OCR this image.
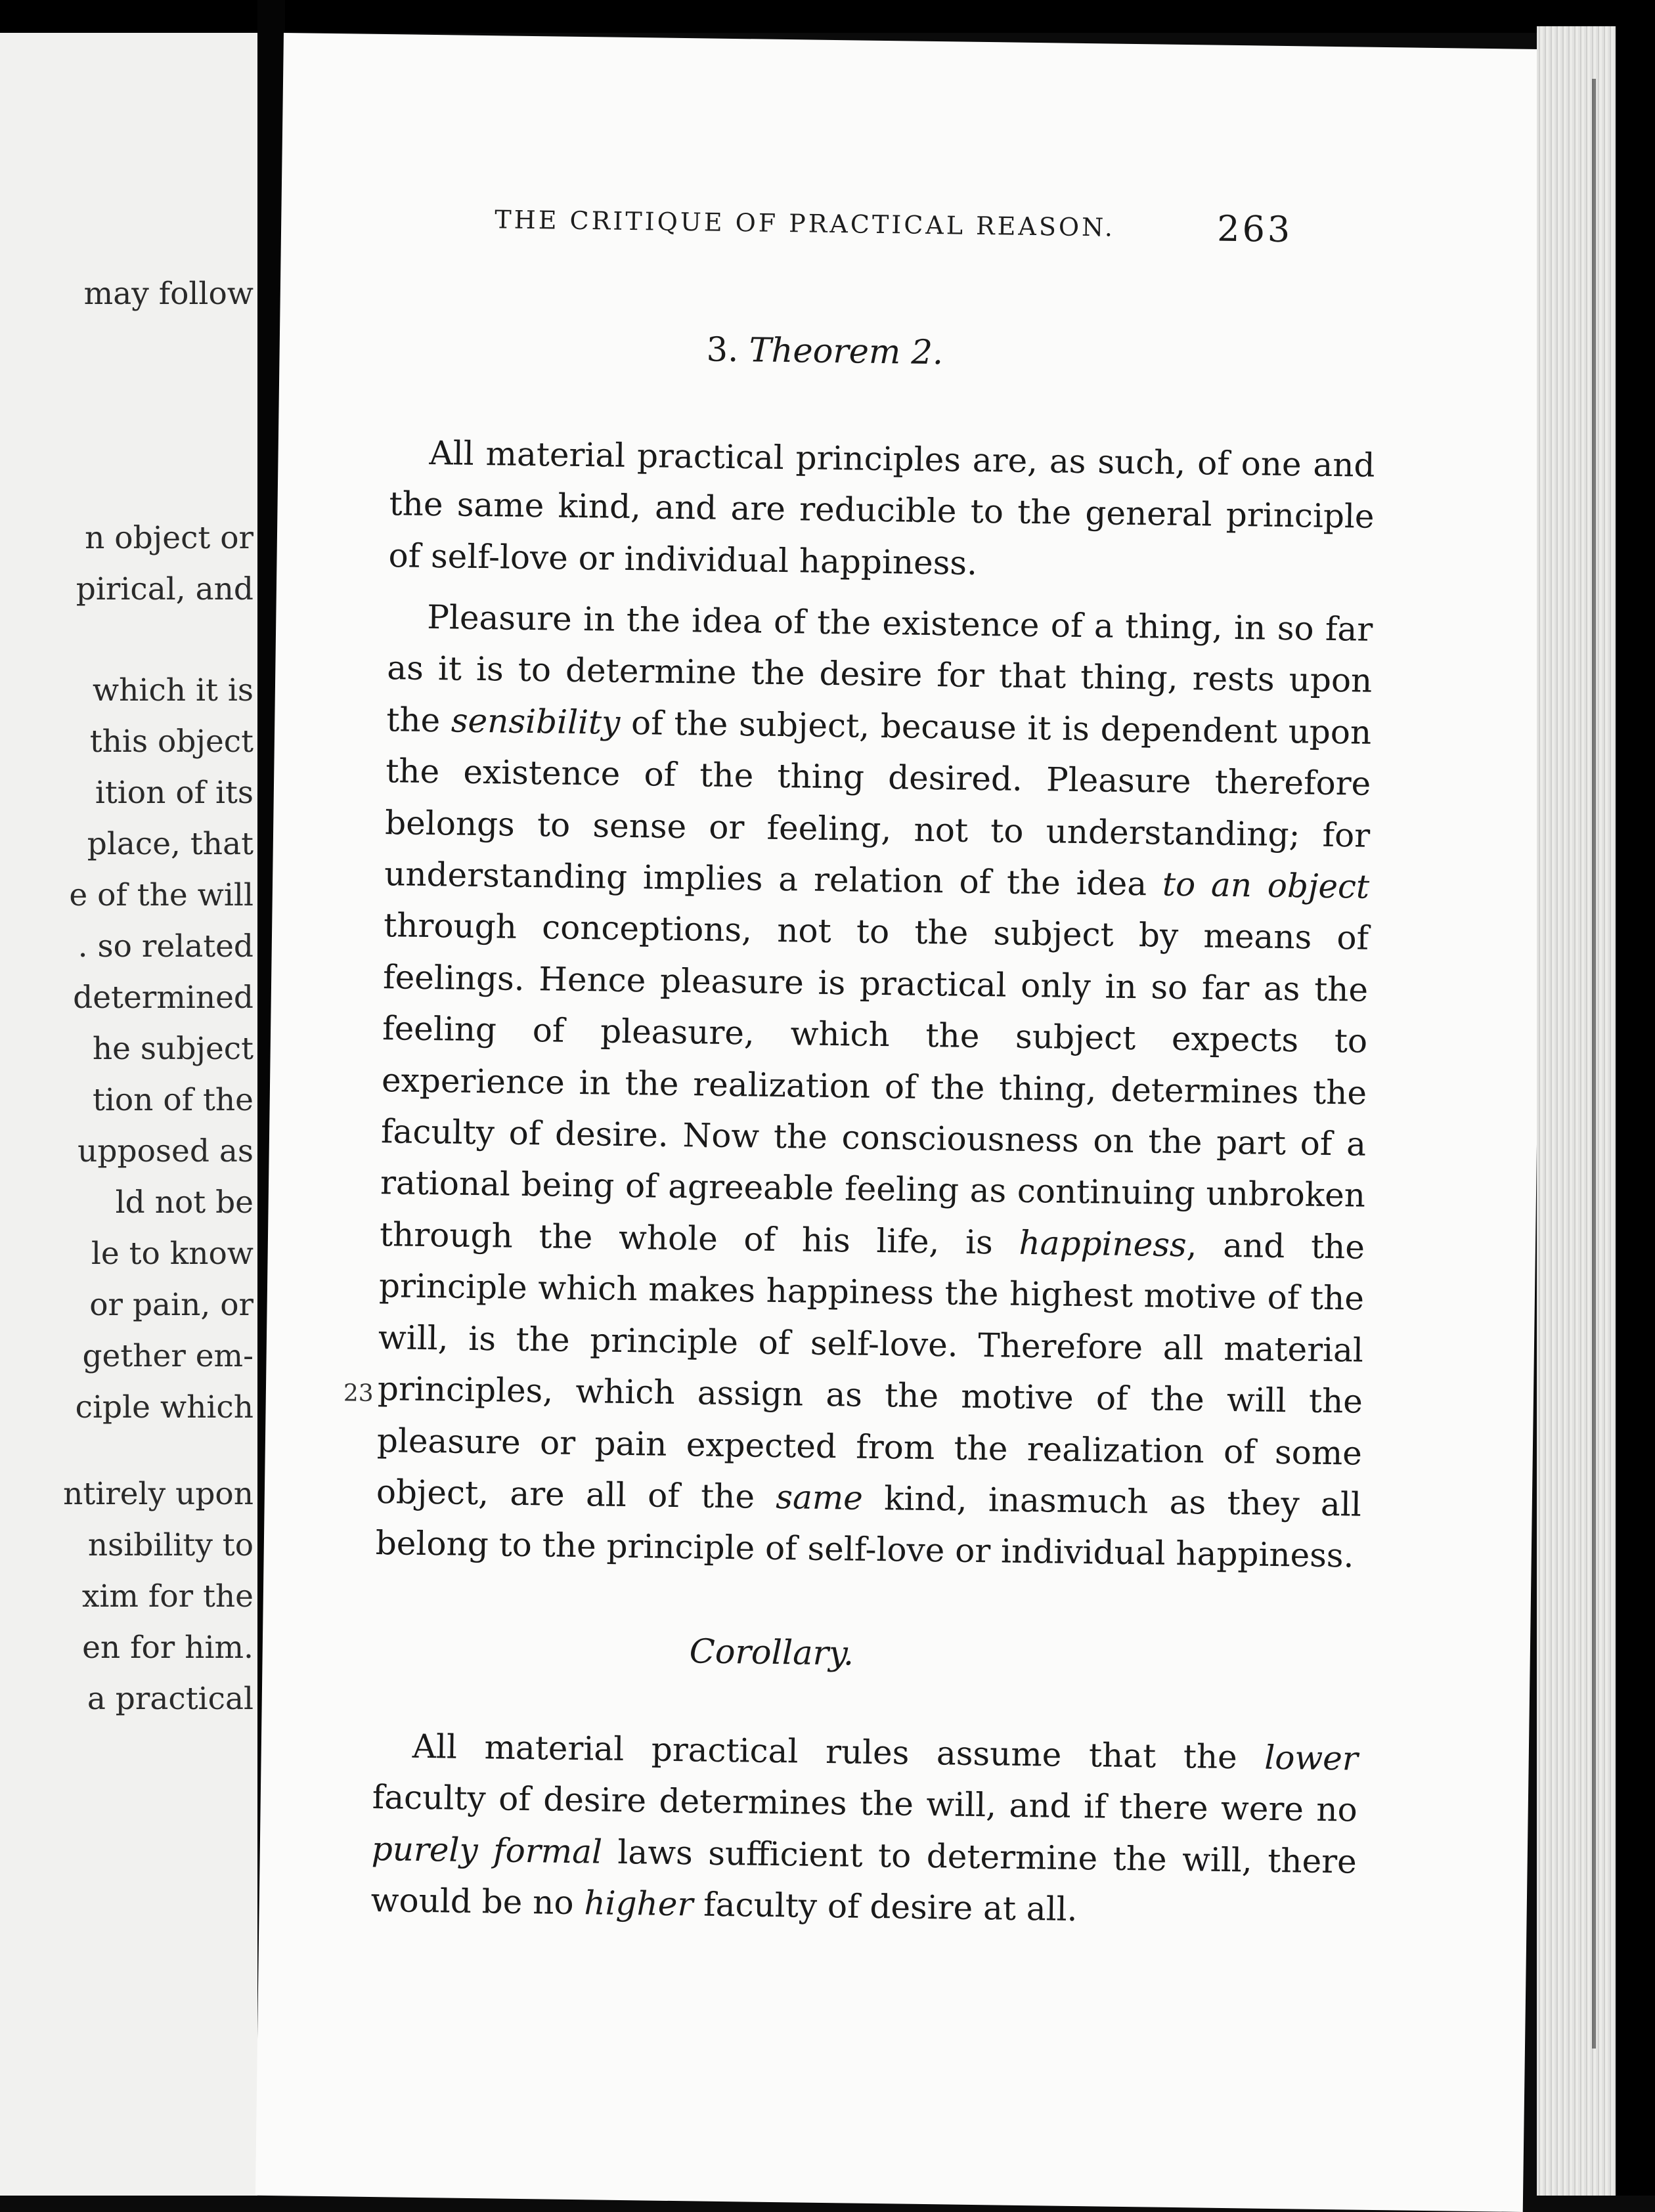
may follow
n object or
pirical, and
which it is
this object
ition of its
place, that
e of the will
. so related
determined
he subject
tion of the
upposed as
ld not be
le to know
or pain, or
gether em-
ciple which
ntirely upon
nsibility to
xim for the
en for him.
a practical
THE CRITIQUE OF PRACTICAL REASON.	263
3. Theorem 2.

All material practical principles are, as such, of one and the same kind, and are reducible to the general principle of self-love or individual happiness.

Pleasure in the idea of the existence of a thing, in so far as it is to determine the desire for that thing, rests upon the sensibility of the subject, because it is dependent upon the existence of the thing desired. Pleasure therefore belongs to sense or feeling, not to understanding; for understanding implies a relation of the idea to an object through conceptions, not to the subject by means of feelings. Hence pleasure is practical only in so far as the feeling of pleasure, which the subject expects to experience in the realization of the thing, determines the faculty of desire. Now the consciousness on the part of a rational being of agreeable feeling as continuing unbroken through the whole of his life, is happiness, and the principle which makes happiness the highest motive of the will, is the principle of self-love. Therefore all material principles, which assign as the motive of the will the pleasure or pain expected from the realization of some object, are all of the same kind, inasmuch as they all belong to the principle of self-love or individual happiness.

23
Corollary.

All material practical rules assume that the lower faculty of desire determines the will, and if there were no purely formal laws sufficient to determine the will, there would be no higher faculty of desire at all.
